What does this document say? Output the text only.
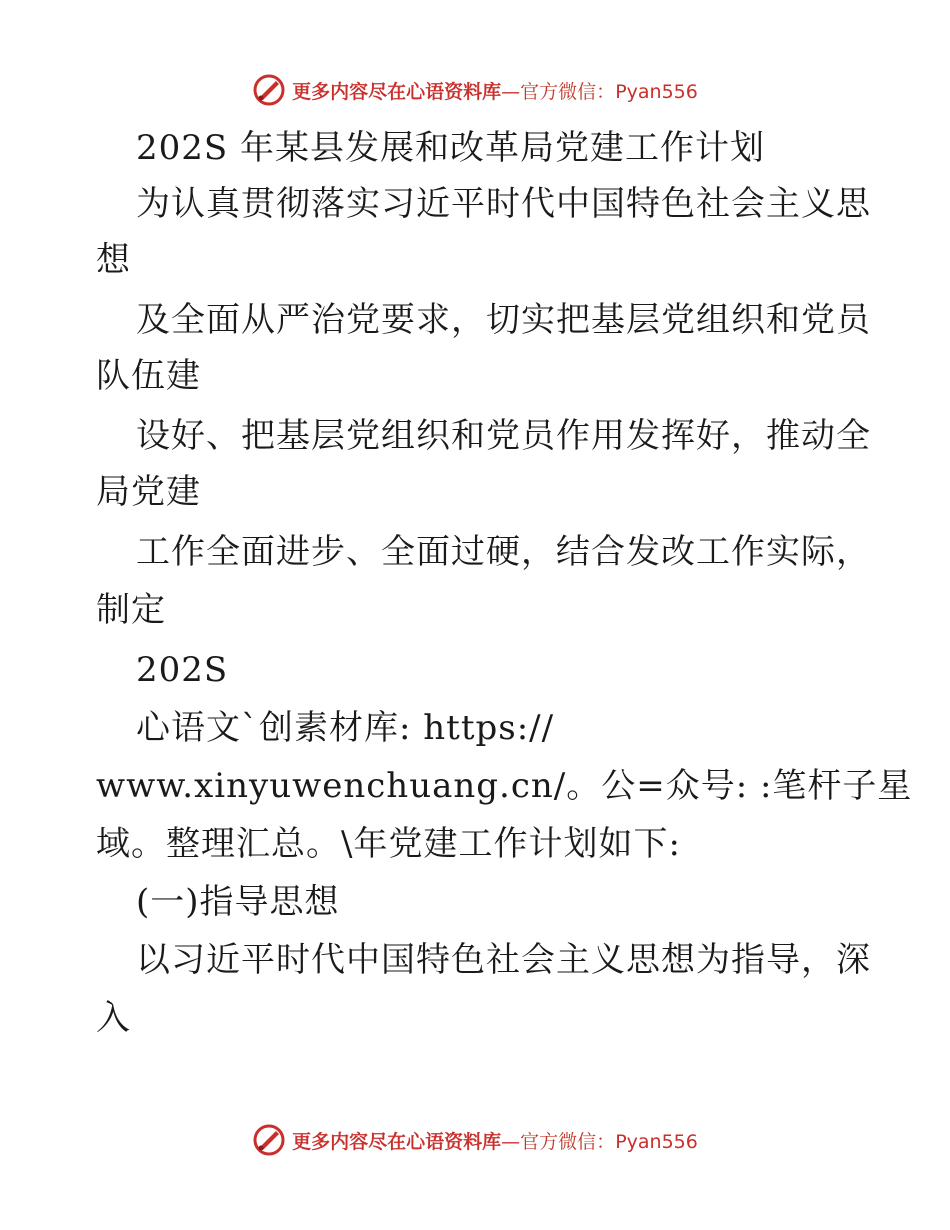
更多内容尽在心语资料库—官方微信：Pyan556
202S 年某县发展和改革局党建工作计划
为认真贯彻落实习近平时代中国特色社会主义思
想
及全面从严治党要求，切实把基层党组织和党员
队伍建
设好、把基层党组织和党员作用发挥好，推动全
局党建
工作全面进步、全面过硬，结合发改工作实际，
制定
202S
心语文`创素材库: https://
www.xinyuwenchuang.cn/。公=众号: :笔杆子星
域。整理汇总。\年党建工作计划如下:
(一)指导思想
以习近平时代中国特色社会主义思想为指导，深
入
更多内容尽在心语资料库—官方微信：Pyan556
